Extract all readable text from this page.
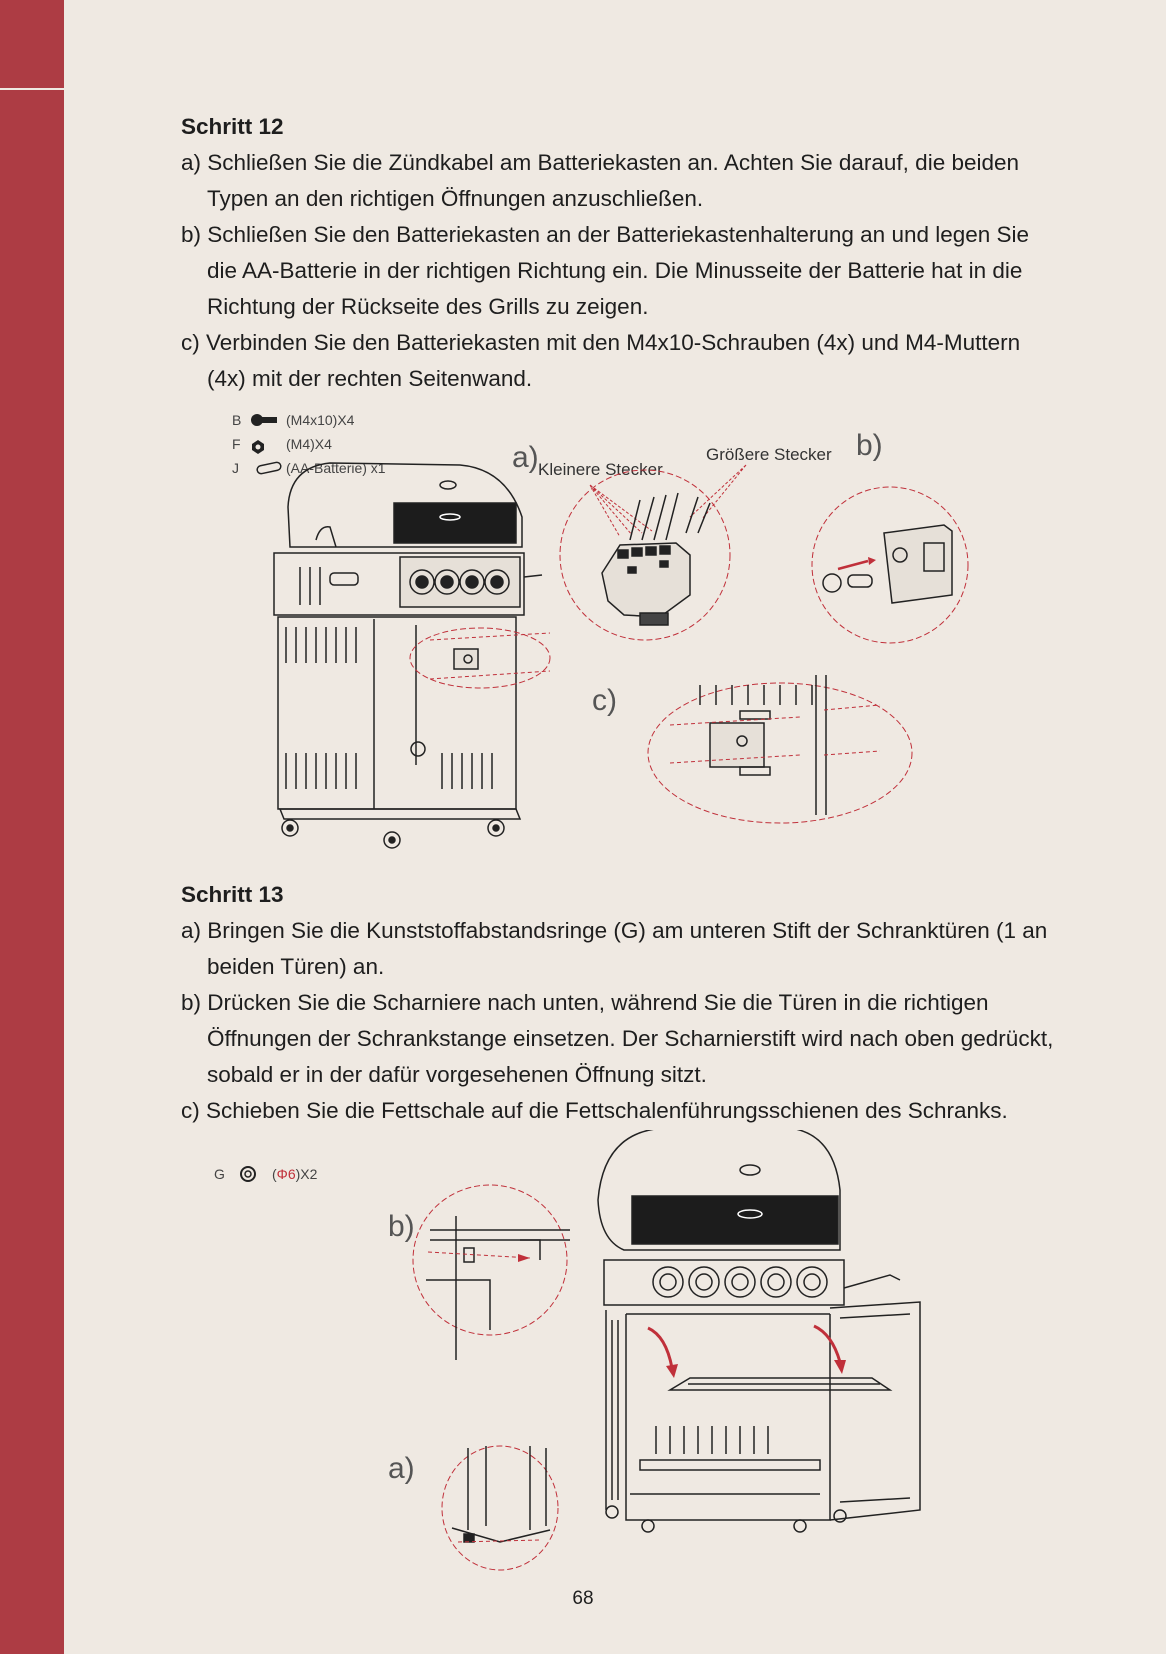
Schritt 12

a) Schließen Sie die Zündkabel am Batteriekasten an. Achten Sie darauf, die beiden Typen an den richtigen Öffnungen anzuschließen.
b) Schließen Sie den Batteriekasten an der Batteriekastenhalterung an und legen Sie die AA-Batterie in der richtigen Richtung ein. Die Minusseite der Batterie hat in die Richtung der Rückseite des Grills zu zeigen.
c) Verbinden Sie den Batteriekasten mit den M4x10-Schrauben (4x) und M4-Muttern (4x) mit der rechten Seitenwand.
B	(M4x10)X4
F	(M4)X4
J	(AA-Batterie) x1	a) Kleinere Stecker
Größere Stecker b)
c)

Schritt 13

a) Bringen Sie die Kunststoffabstandsringe (G) am unteren Stift der Schranktüren (1 an beiden Türen) an.
b) Drücken Sie die Scharniere nach unten, während Sie die Türen in die richtigen Öffnungen der Schrankstange einsetzen. Der Scharnierstift wird nach oben gedrückt, sobald er in der dafür vorgesehenen Öffnung sitzt.
c) Schieben Sie die Fettschale auf die Fettschalenführungsschienen des Schranks.
G	(Φ6)X2
b)
a)
68
